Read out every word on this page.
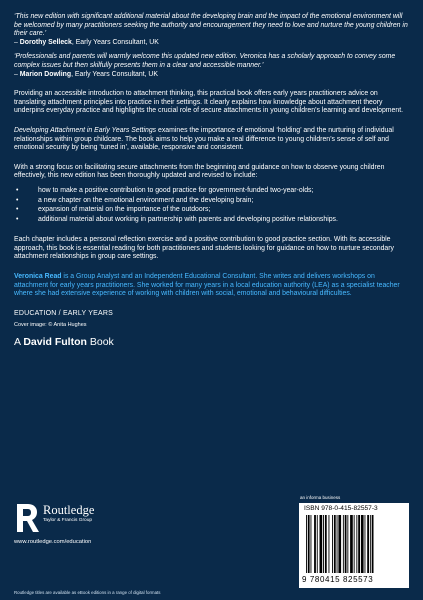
‘This new edition with significant additional material about the developing brain and the impact of the emotional environment will be welcomed by many practitioners seeking the authority and encouragement they need to love and nurture the young children in their care.’

– Dorothy Selleck, Early Years Consultant, UK

‘Professionals and parents will warmly welcome this updated new edition. Veronica has a scholarly approach to convey some complex issues but then skilfully presents them in a clear and accessible manner.’

– Marion Dowling, Early Years Consultant, UK

Providing an accessible introduction to attachment thinking, this practical book offers early years practitioners advice on translating attachment principles into practice in their settings. It clearly explains how knowledge about attachment theory underpins everyday practice and highlights the crucial role of secure attachments in young children’s learning and development.

Developing Attachment in Early Years Settings examines the importance of emotional ‘holding’ and the nurturing of individual relationships within group childcare. The book aims to help you make a real difference to young children’s sense of self and emotional security by being ‘tuned in’, available, responsive and consistent.

With a strong focus on facilitating secure attachments from the beginning and guidance on how to observe young children effectively, this new edition has been thoroughly updated and revised to include:

•	how to make a positive contribution to good practice for government-funded two-year-olds;
•	a new chapter on the emotional environment and the developing brain;
•	expansion of material on the importance of the outdoors;
•	additional material about working in partnership with parents and developing positive relationships.

Each chapter includes a personal reflection exercise and a positive contribution to good practice section. With its accessible approach, this book is essential reading for both practitioners and students looking for guidance on how to nurture secondary attachment relationships in group care settings.

Veronica Read is a Group Analyst and an Independent Educational Consultant. She writes and delivers workshops on attachment for early years practitioners. She worked for many years in a local education authority (LEA) as a specialist teacher where she had extensive experience of working with children with social, emotional and behavioural difficulties.

EDUCATION / EARLY YEARS

Cover image: © Anita Hughes

A David Fulton Book

an informa business
Routledge
Taylor & Francis Group
www.routledge.com/education
Routledge titles are available as eBook editions in a range of digital formats
ISBN 978-0-415-82557-3
9 780415 825573
